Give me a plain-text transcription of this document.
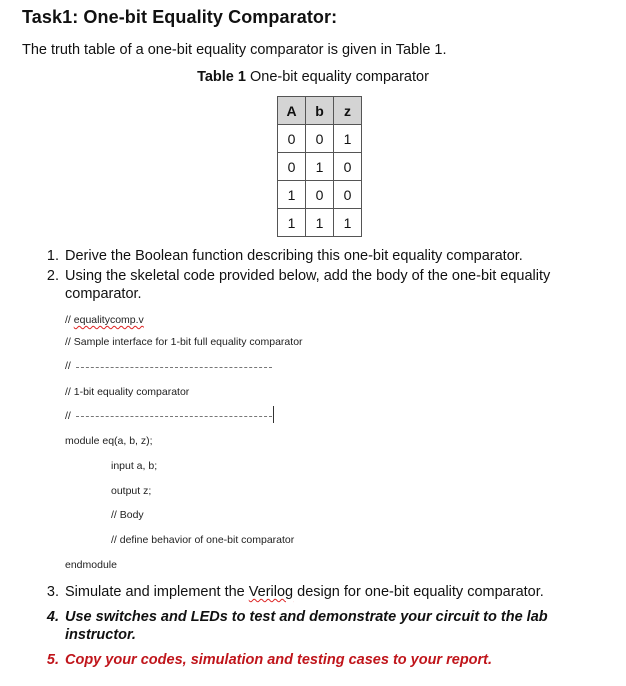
Task1: One-bit Equality Comparator:
The truth table of a one-bit equality comparator is given in Table 1.
Table 1 One-bit equality comparator
A	b	z
0	0	1
0	1	0
1	0	0
1	1	1
1. Derive the Boolean function describing this one-bit equality comparator.
2. Using the skeletal code provided below, add the body of the one-bit equality comparator.
// equalitycomp.v
// Sample interface for 1-bit full equality comparator
//
// 1-bit equality comparator
//
module eq(a, b, z);
input a, b;
output z;
// Body
// define behavior of one-bit comparator
endmodule
3. Simulate and implement the Verilog design for one-bit equality comparator.
4. Use switches and LEDs to test and demonstrate your circuit to the lab instructor.
5. Copy your codes, simulation and testing cases to your report.
